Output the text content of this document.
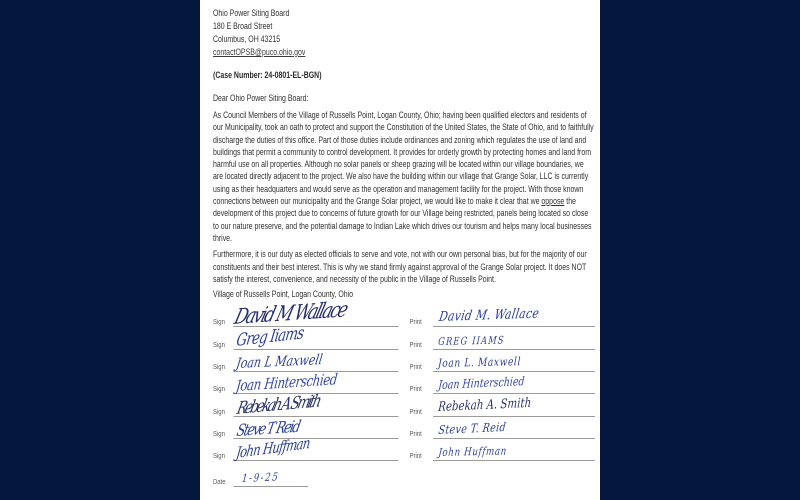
Ohio Power Siting Board
180 E Broad Street
Columbus, OH 43215
contactOPSB@puco.ohio.gov
(Case Number: 24-0801-EL-BGN)
Dear Ohio Power Siting Board:

As Council Members of the Village of Russells Point, Logan County, Ohio; having been qualified electors and residents of our Municipality, took an oath to protect and support the Constitution of the United States, the State of Ohio, and to faithfully discharge the duties of this office. Part of those duties include ordinances and zoning which regulates the use of land and buildings that permit a community to control development. It provides for orderly growth by protecting homes and land from harmful use on all properties. Although no solar panels or sheep grazing will be located within our village boundaries, we are located directly adjacent to the project. We also have the building within our village that Grange Solar, LLC is currently using as their headquarters and would serve as the operation and management facility for the project. With those known connections between our municipality and the Grange Solar project, we would like to make it clear that we oppose the development of this project due to concerns of future growth for our Village being restricted, panels being located so close to our nature preserve, and the potential damage to Indian Lake which drives our tourism and helps many local businesses thrive.

Furthermore, it is our duty as elected officials to serve and vote, not with our own personal bias, but for the majority of our constituents and their best interest. This is why we stand firmly against approval of the Grange Solar project. It does NOT satisfy the interest, convenience, and necessity of the public in the Village of Russells Point.

Village of Russells Point, Logan County, Ohio
Sign David M Wallace	Print	David M. Wallace
Sign Greg Iiams	Print	GREG IIAMS
Sign Joan L Maxwell	Print	Joan L. Maxwell
Sign Joan Hinterschied	Print	Joan Hinterschied
Sign Rebekah A Smith	Print	Rebekah A. Smith
Sign Steve T Reid	Print	Steve T. Reid
Sign John Huffman	Print	John Huffman
Date	1-9-25
